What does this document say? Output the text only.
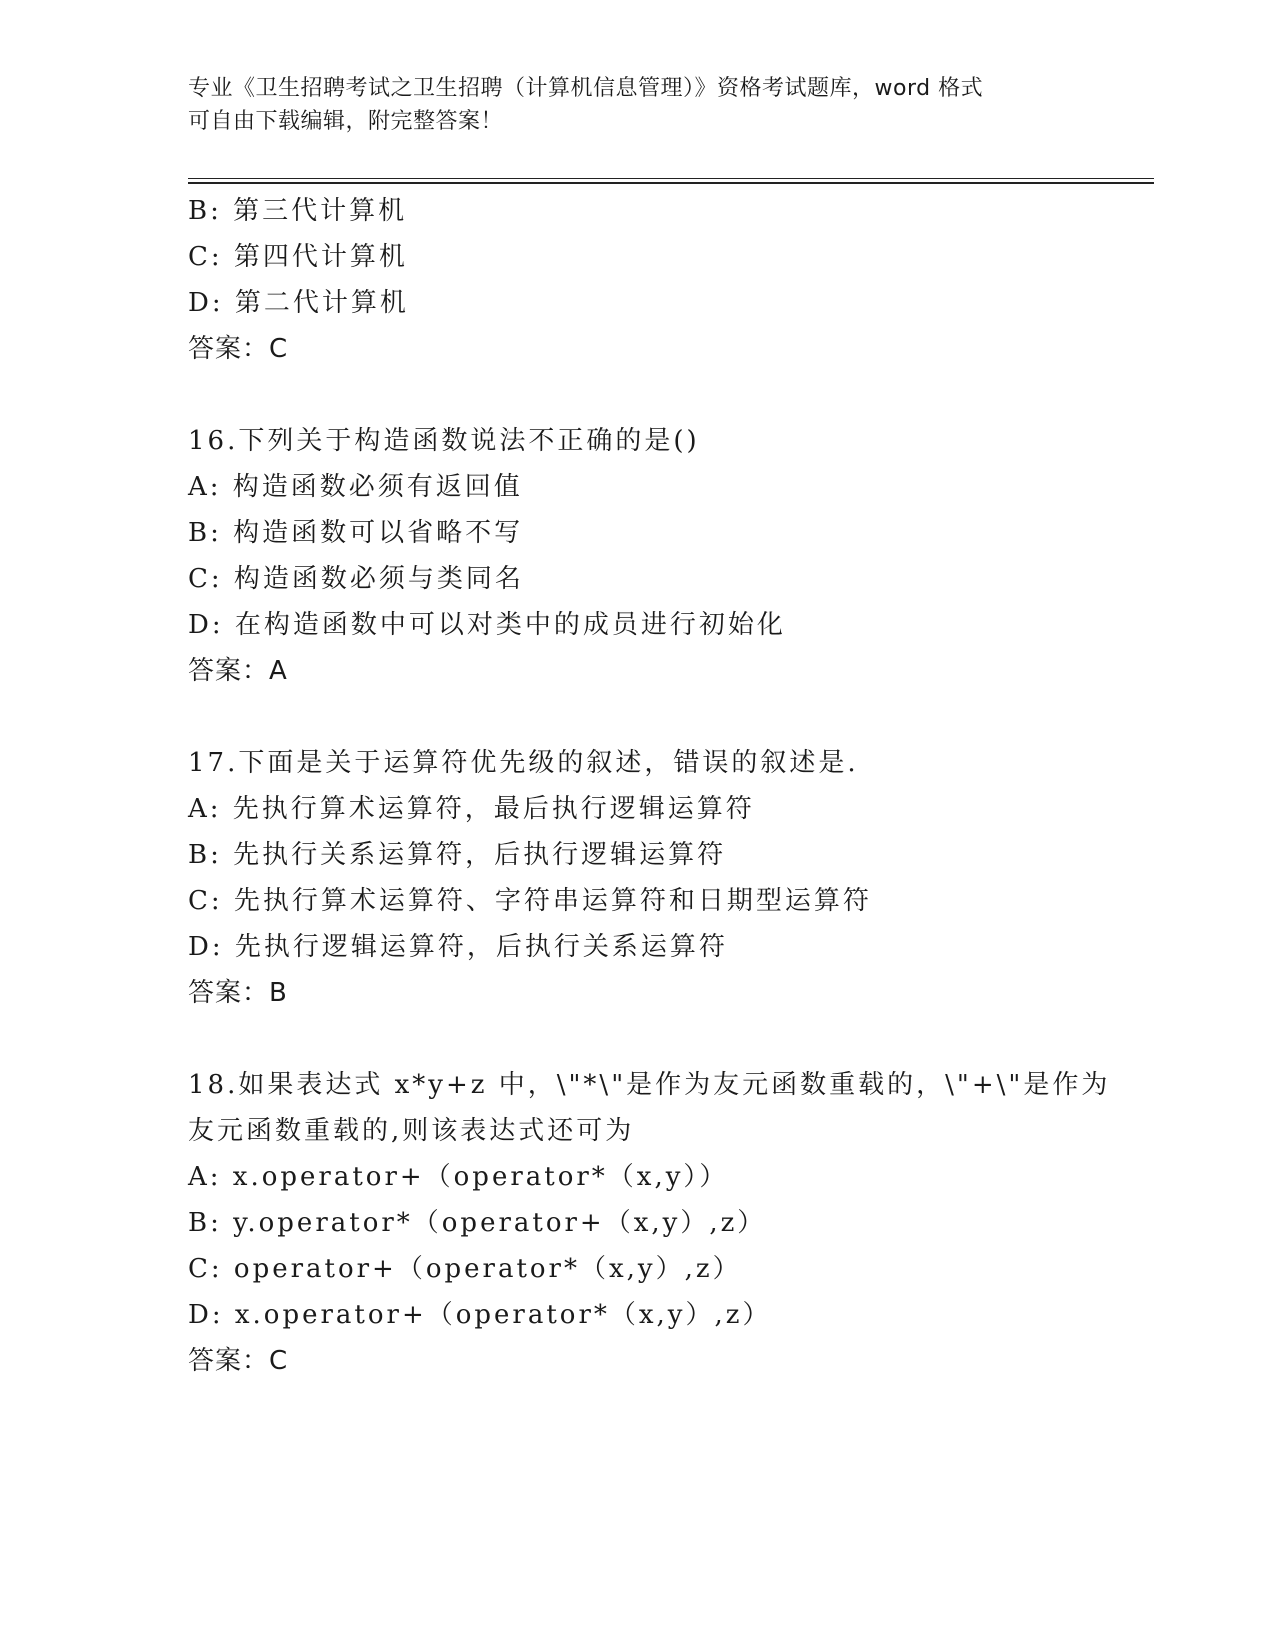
专业《卫生招聘考试之卫生招聘（计算机信息管理）》资格考试题库，word 格式
可自由下载编辑，附完整答案！
B: 第三代计算机
C: 第四代计算机
D: 第二代计算机
答案：C
16.下列关于构造函数说法不正确的是()
A: 构造函数必须有返回值
B: 构造函数可以省略不写
C: 构造函数必须与类同名
D: 在构造函数中可以对类中的成员进行初始化
答案：A
17.下面是关于运算符优先级的叙述，错误的叙述是.
A: 先执行算术运算符，最后执行逻辑运算符
B: 先执行关系运算符，后执行逻辑运算符
C: 先执行算术运算符、字符串运算符和日期型运算符
D: 先执行逻辑运算符，后执行关系运算符
答案：B
18.如果表达式 x*y+z 中，\"*\"是作为友元函数重载的，\"+\"是作为
友元函数重载的,则该表达式还可为
A: x.operator+（operator*（x,y））
B: y.operator*（operator+（x,y）,z）
C: operator+（operator*（x,y）,z）
D: x.operator+（operator*（x,y）,z）
答案：C
